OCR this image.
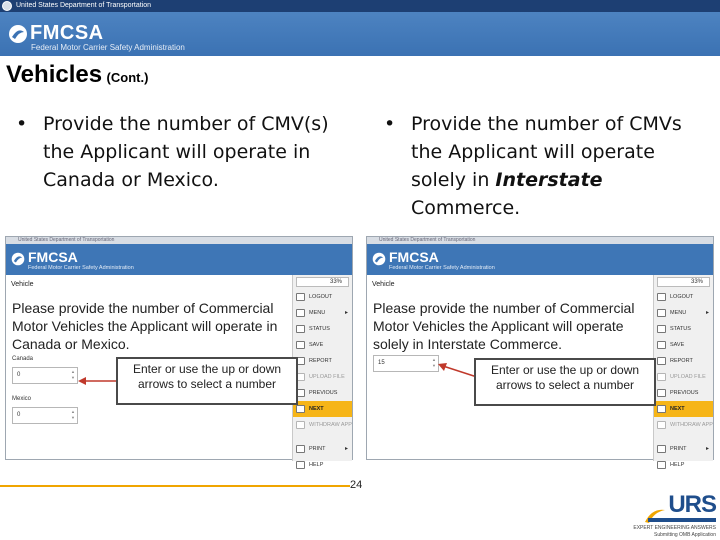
United States Department of Transportation
FMCSA
Federal Motor Carrier Safety Administration
Vehicles (Cont.)
• Provide the number of CMV(s)
the Applicant will operate in
Canada or Mexico.
• Provide the number of CMVs
the Applicant will operate
solely in Interstate
Commerce.
United States Department of Transportation
FMCSA
Federal Motor Carrier Safety Administration
Vehicle
Please provide the number of Commercial Motor Vehicles the Applicant will operate in Canada or Mexico.
Canada
0
▲
▼
Mexico
0
▲
▼
33%
LOGOUT
MENU	▸
STATUS
SAVE
REPORT
UPLOAD FILE
PREVIOUS
NEXT
WITHDRAW APP
PRINT	▸
HELP
Enter or use the up or down
arrows to select a number
United States Department of Transportation
FMCSA
Federal Motor Carrier Safety Administration
Vehicle
Please provide the number of Commercial Motor Vehicles the Applicant will operate solely in Interstate Commerce.
15
▲
▼
33%
LOGOUT
MENU	▸
STATUS
SAVE
REPORT
UPLOAD FILE
PREVIOUS
NEXT
WITHDRAW APP
PRINT	▸
HELP
Enter or use the up or down
arrows to select a number
24
URS
EXPERT ENGINEERING ANSWERS
Submitting OMB Application
